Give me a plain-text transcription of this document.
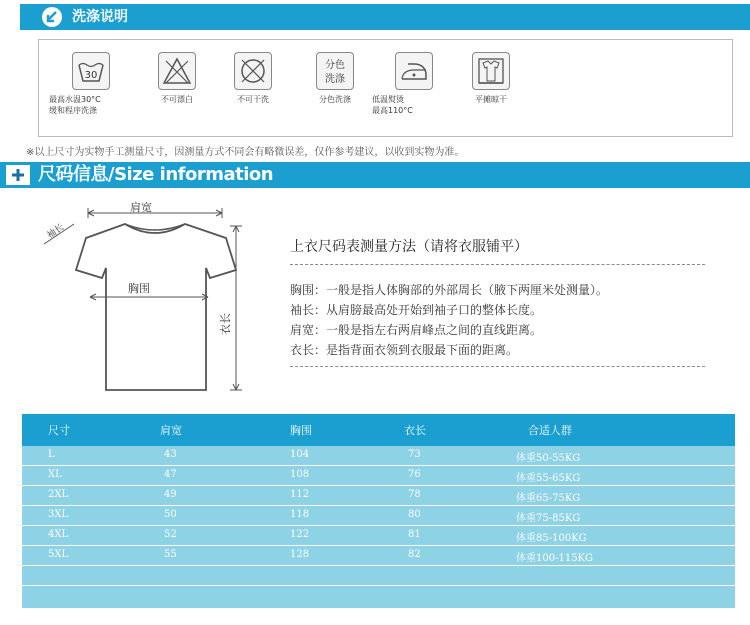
洗涤说明
30
最高水温30°C
缓和程序洗涤
不可漂白	不可干洗
分色
洗涤
分色洗涤	低温熨烫
最高110°C
平摊晾干
※以上尺寸为实物手工测量尺寸，因测量方式不同会有略微误差，仅作参考建议，以收到实物为准。
尺码信息/Size information
肩宽
袖长
胸围
衣长
上衣尺码表测量方法（请将衣服铺平）
胸围：一般是指人体胸部的外部周长（腋下两厘米处测量）。
袖长：从肩膀最高处开始到袖子口的整体长度。
肩宽：一般是指左右两肩峰点之间的直线距离。
衣长：是指背面衣领到衣服最下面的距离。
尺寸	肩宽	胸围	衣长	合适人群
L	43	104	73	体重50-55KG
XL	47	108	76	体重55-65KG
2XL	49	112	78	体重65-75KG
3XL	50	118	80	体重75-85KG
4XL	52	122	81	体重85-100KG
5XL	55	128	82	体重100-115KG
